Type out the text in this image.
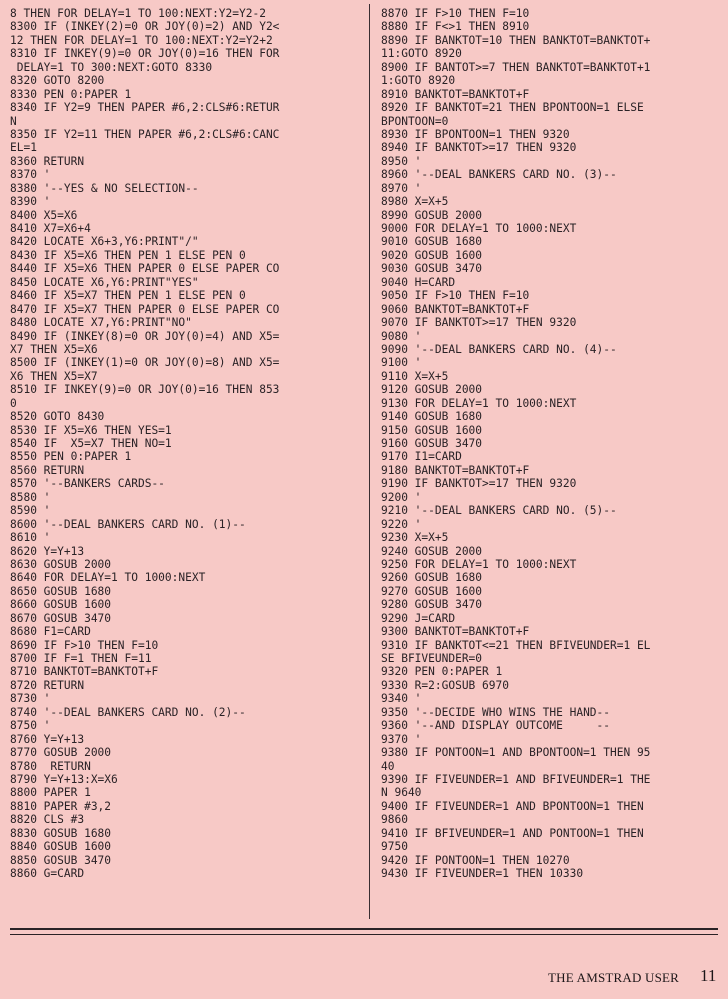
8 THEN FOR DELAY=1 TO 100:NEXT:Y2=Y2-2
8300 IF (INKEY(2)=0 OR JOY(0)=2) AND Y2<
12 THEN FOR DELAY=1 TO 100:NEXT:Y2=Y2+2
8310 IF INKEY(9)=0 OR JOY(0)=16 THEN FOR
DELAY=1 TO 300:NEXT:GOTO 8330
8320 GOTO 8200
8330 PEN 0:PAPER 1
8340 IF Y2=9 THEN PAPER #6,2:CLS#6:RETUR
N
8350 IF Y2=11 THEN PAPER #6,2:CLS#6:CANC
EL=1
8360 RETURN
8370 '
8380 '--YES & NO SELECTION--
8390 '
8400 X5=X6
8410 X7=X6+4
8420 LOCATE X6+3,Y6:PRINT"/"
8430 IF X5=X6 THEN PEN 1 ELSE PEN 0
8440 IF X5=X6 THEN PAPER 0 ELSE PAPER CO
8450 LOCATE X6,Y6:PRINT"YES"
8460 IF X5=X7 THEN PEN 1 ELSE PEN 0
8470 IF X5=X7 THEN PAPER 0 ELSE PAPER CO
8480 LOCATE X7,Y6:PRINT"NO"
8490 IF (INKEY(8)=0 OR JOY(0)=4) AND X5=
X7 THEN X5=X6
8500 IF (INKEY(1)=0 OR JOY(0)=8) AND X5=
X6 THEN X5=X7
8510 IF INKEY(9)=0 OR JOY(0)=16 THEN 853
0
8520 GOTO 8430
8530 IF X5=X6 THEN YES=1
8540 IF  X5=X7 THEN NO=1
8550 PEN 0:PAPER 1
8560 RETURN
8570 '--BANKERS CARDS--
8580 '
8590 '
8600 '--DEAL BANKERS CARD NO. (1)--
8610 '
8620 Y=Y+13
8630 GOSUB 2000
8640 FOR DELAY=1 TO 1000:NEXT
8650 GOSUB 1680
8660 GOSUB 1600
8670 GOSUB 3470
8680 F1=CARD
8690 IF F>10 THEN F=10
8700 IF F=1 THEN F=11
8710 BANKTOT=BANKTOT+F
8720 RETURN
8730 '
8740 '--DEAL BANKERS CARD NO. (2)--
8750 '
8760 Y=Y+13
8770 GOSUB 2000
8780  RETURN
8790 Y=Y+13:X=X6
8800 PAPER 1
8810 PAPER #3,2
8820 CLS #3
8830 GOSUB 1680
8840 GOSUB 1600
8850 GOSUB 3470
8860 G=CARD
8870 IF F>10 THEN F=10
8880 IF F<>1 THEN 8910
8890 IF BANKTOT=10 THEN BANKTOT=BANKTOT+
11:GOTO 8920
8900 IF BANTOT>=7 THEN BANKTOT=BANKTOT+1
1:GOTO 8920
8910 BANKTOT=BANKTOT+F
8920 IF BANKTOT=21 THEN BPONTOON=1 ELSE
BPONTOON=0
8930 IF BPONTOON=1 THEN 9320
8940 IF BANKTOT>=17 THEN 9320
8950 '
8960 '--DEAL BANKERS CARD NO. (3)--
8970 '
8980 X=X+5
8990 GOSUB 2000
9000 FOR DELAY=1 TO 1000:NEXT
9010 GOSUB 1680
9020 GOSUB 1600
9030 GOSUB 3470
9040 H=CARD
9050 IF F>10 THEN F=10
9060 BANKTOT=BANKTOT+F
9070 IF BANKTOT>=17 THEN 9320
9080 '
9090 '--DEAL BANKERS CARD NO. (4)--
9100 '
9110 X=X+5
9120 GOSUB 2000
9130 FOR DELAY=1 TO 1000:NEXT
9140 GOSUB 1680
9150 GOSUB 1600
9160 GOSUB 3470
9170 I1=CARD
9180 BANKTOT=BANKTOT+F
9190 IF BANKTOT>=17 THEN 9320
9200 '
9210 '--DEAL BANKERS CARD NO. (5)--
9220 '
9230 X=X+5
9240 GOSUB 2000
9250 FOR DELAY=1 TO 1000:NEXT
9260 GOSUB 1680
9270 GOSUB 1600
9280 GOSUB 3470
9290 J=CARD
9300 BANKTOT=BANKTOT+F
9310 IF BANKTOT<=21 THEN BFIVEUNDER=1 EL
SE BFIVEUNDER=0
9320 PEN 0:PAPER 1
9330 R=2:GOSUB 6970
9340 '
9350 '--DECIDE WHO WINS THE HAND--
9360 '--AND DISPLAY OUTCOME     --
9370 '
9380 IF PONTOON=1 AND BPONTOON=1 THEN 95
40
9390 IF FIVEUNDER=1 AND BFIVEUNDER=1 THE
N 9640
9400 IF FIVEUNDER=1 AND BPONTOON=1 THEN
9860
9410 IF BFIVEUNDER=1 AND PONTOON=1 THEN
9750
9420 IF PONTOON=1 THEN 10270
9430 IF FIVEUNDER=1 THEN 10330
THE AMSTRAD USER 11
